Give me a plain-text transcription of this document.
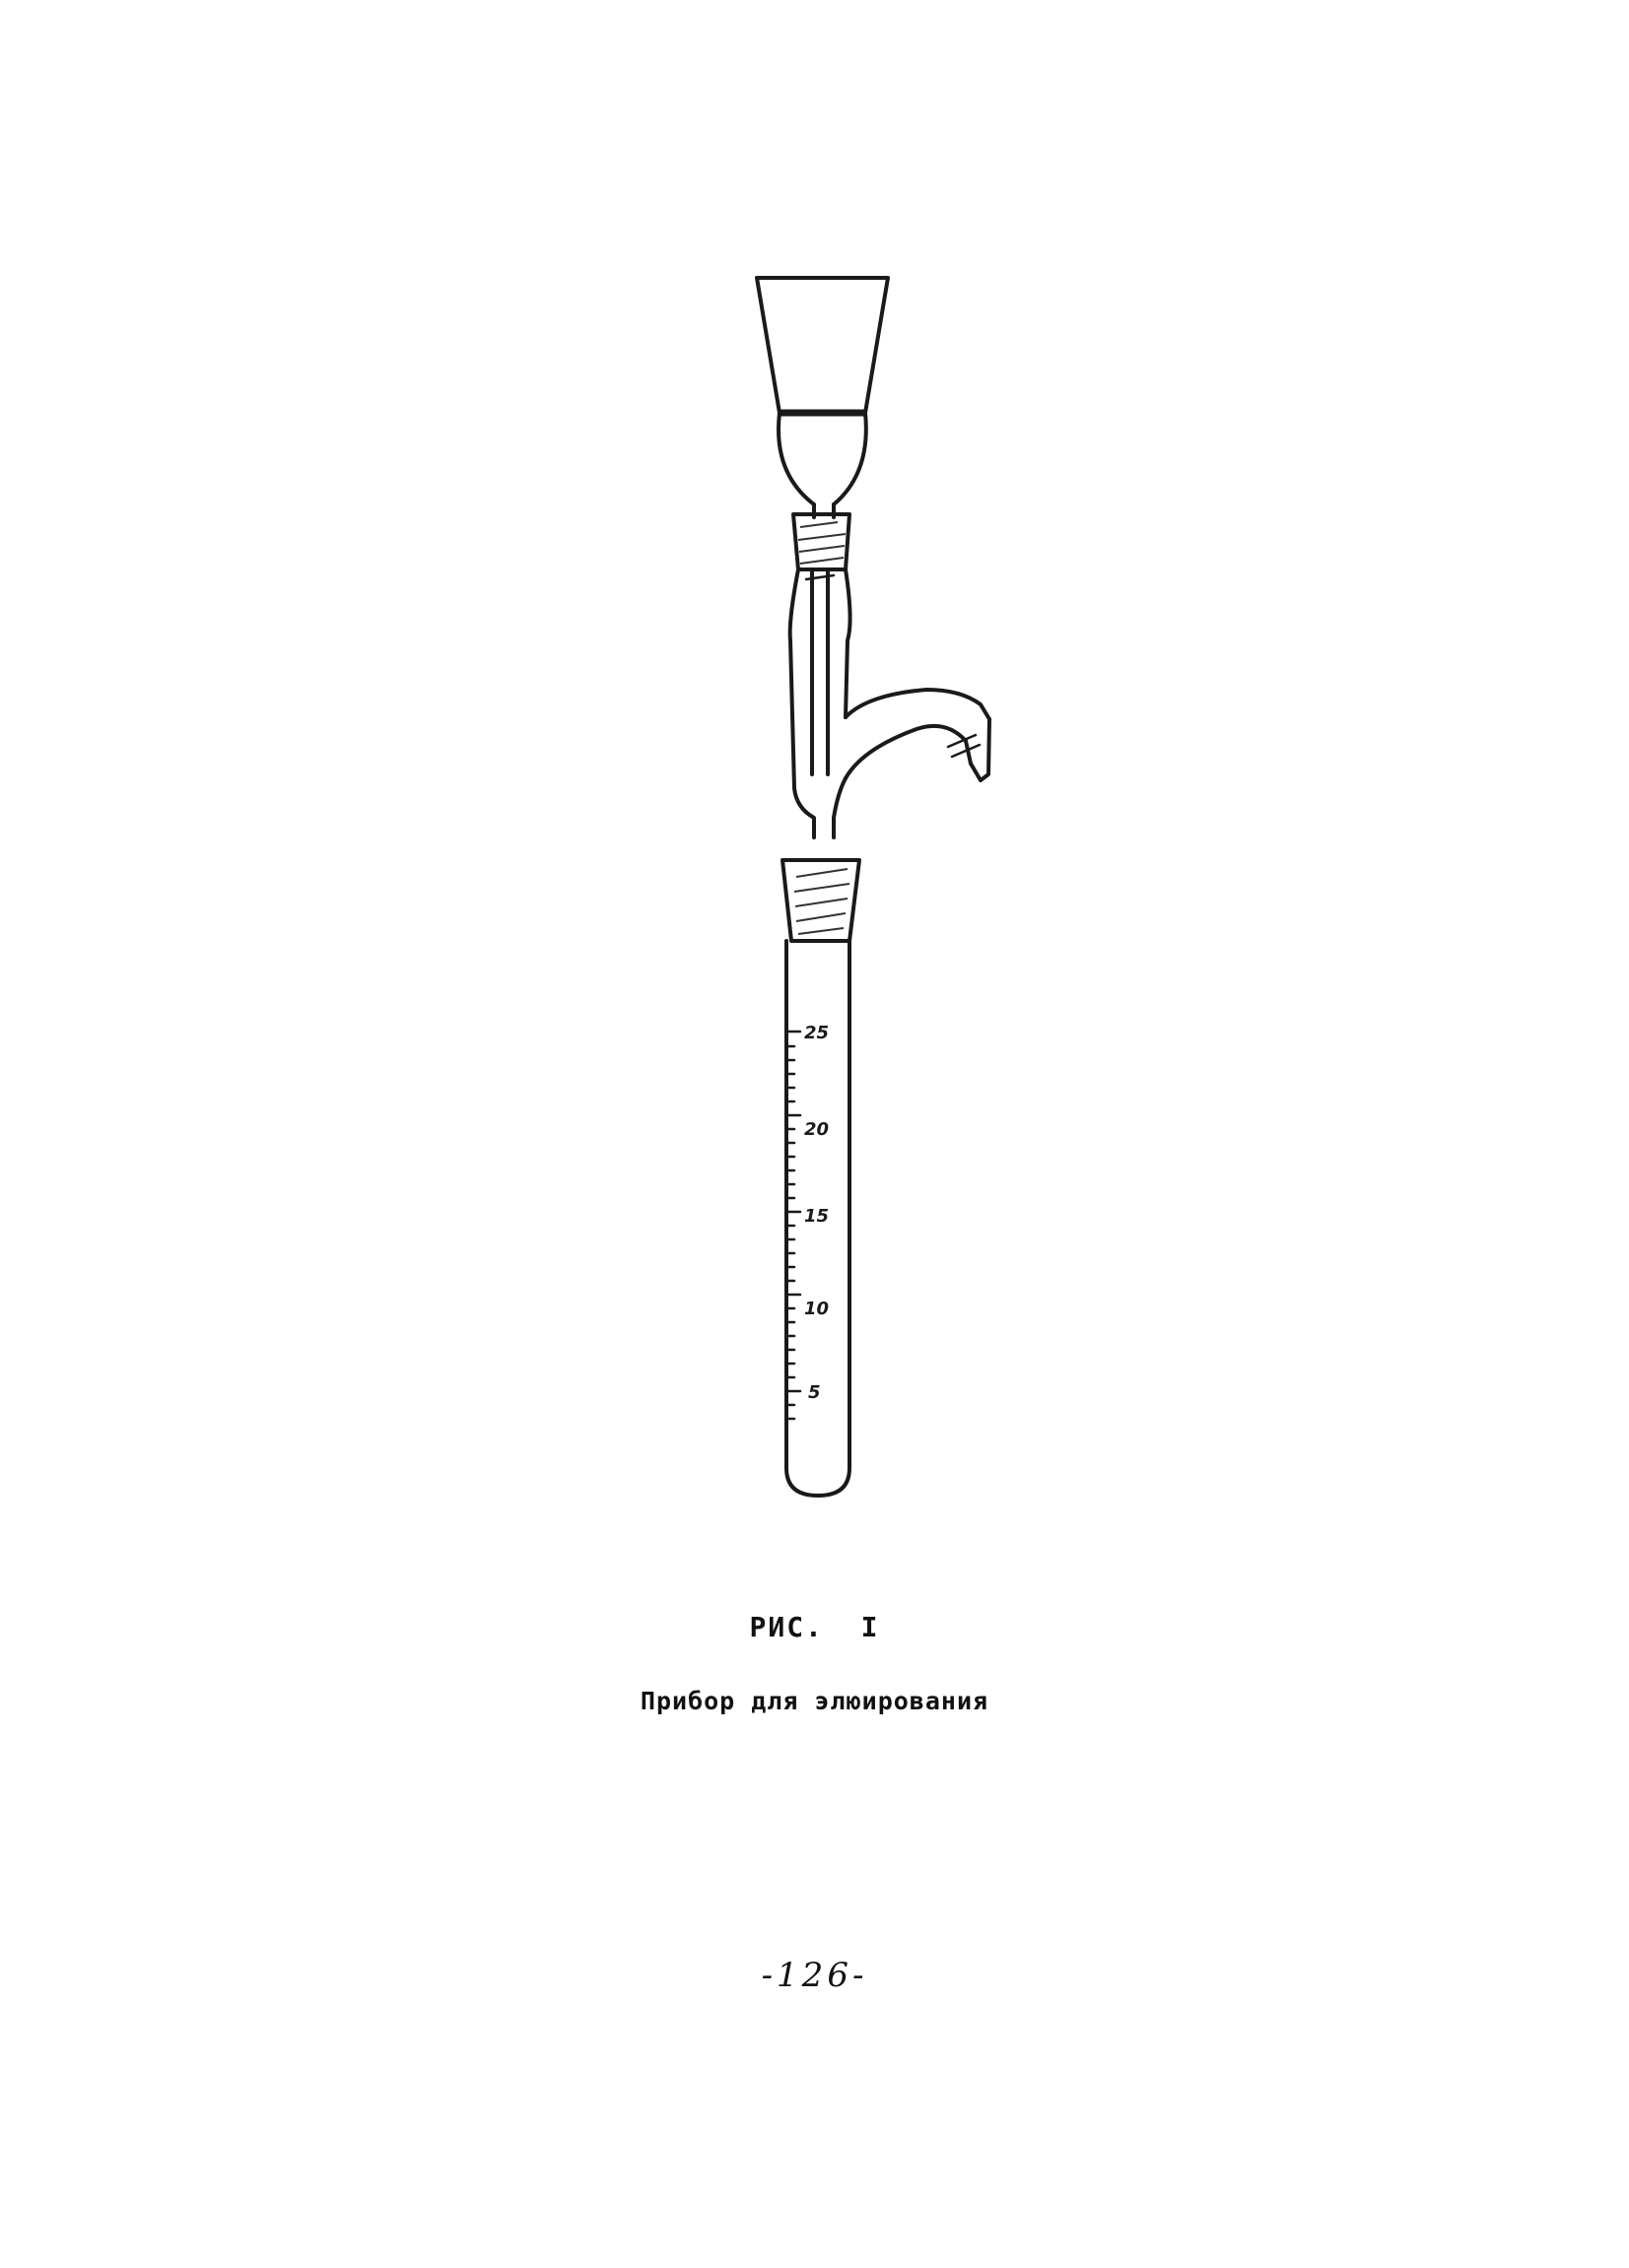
25
20
15
10
5
РИС.  I
Прибор для элюирования
-126-
